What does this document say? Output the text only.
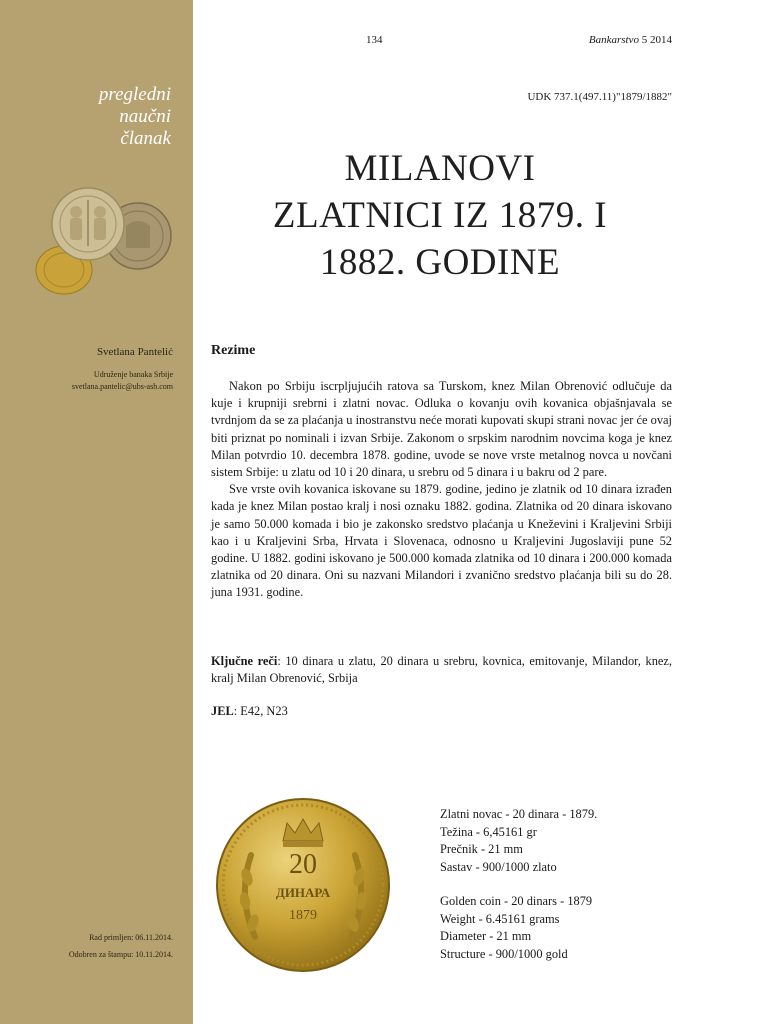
pregledni
naučni
članak
Svetlana Pantelić
Udruženje banaka Srbije
svetlana.pantelic@ubs-asb.com
Rad primljen: 06.11.2014.
Odobren za štampu: 10.11.2014.
134	Bankarstvo 5 2014
UDK 737.1(497.11)"1879/1882"
MILANOVI
ZLATNICI IZ 1879. I
1882. GODINE
Rezime

Nakon po Srbiju iscrpljujućih ratova sa Turskom, knez Milan Obrenović odlučuje da kuje i krupniji srebrni i zlatni novac. Odluka o kovanju ovih kovanica objašnjavala se tvrdnjom da se za plaćanja u inostranstvu neće morati kupovati skupi strani novac jer će ovaj biti priznat po nominali i izvan Srbije. Zakonom o srpskim narodnim novcima koga je knez Milan potvrdio 10. decembra 1878. godine, uvode se nove vrste metalnog novca u novčani sistem Srbije: u zlatu od 10 i 20 dinara, u srebru od 5 dinara i u bakru od 2 pare.

Sve vrste ovih kovanica iskovane su 1879. godine, jedino je zlatnik od 10 dinara izrađen kada je knez Milan postao kralj i nosi oznaku 1882. godina. Zlatnika od 20 dinara iskovano je samo 50.000 komada i bio je zakonsko sredstvo plaćanja u Kneževini i Kraljevini Srbiji kao i u Kraljevini Srba, Hrvata i Slovenaca, odnosno u Kraljevini Jugoslaviji pune 52 godine. U 1882. godini iskovano je 500.000 komada zlatnika od 10 dinara i 200.000 komada zlatnika od 20 dinara. Oni su nazvani Milandori i zvanično sredstvo plaćanja bili su do 28. juna 1931. godine.

Ključne reči: 10 dinara u zlatu, 20 dinara u srebru, kovnica, emitovanje, Milandor, knez, kralj Milan Obrenović, Srbija
JEL: E42, N23
20
ДИНАРА
1879
Zlatni novac - 20 dinara - 1879.
Težina - 6,45161 gr
Prečnik - 21 mm
Sastav - 900/1000 zlato
Golden coin - 20 dinars - 1879
Weight - 6.45161 grams
Diameter - 21 mm
Structure - 900/1000 gold
